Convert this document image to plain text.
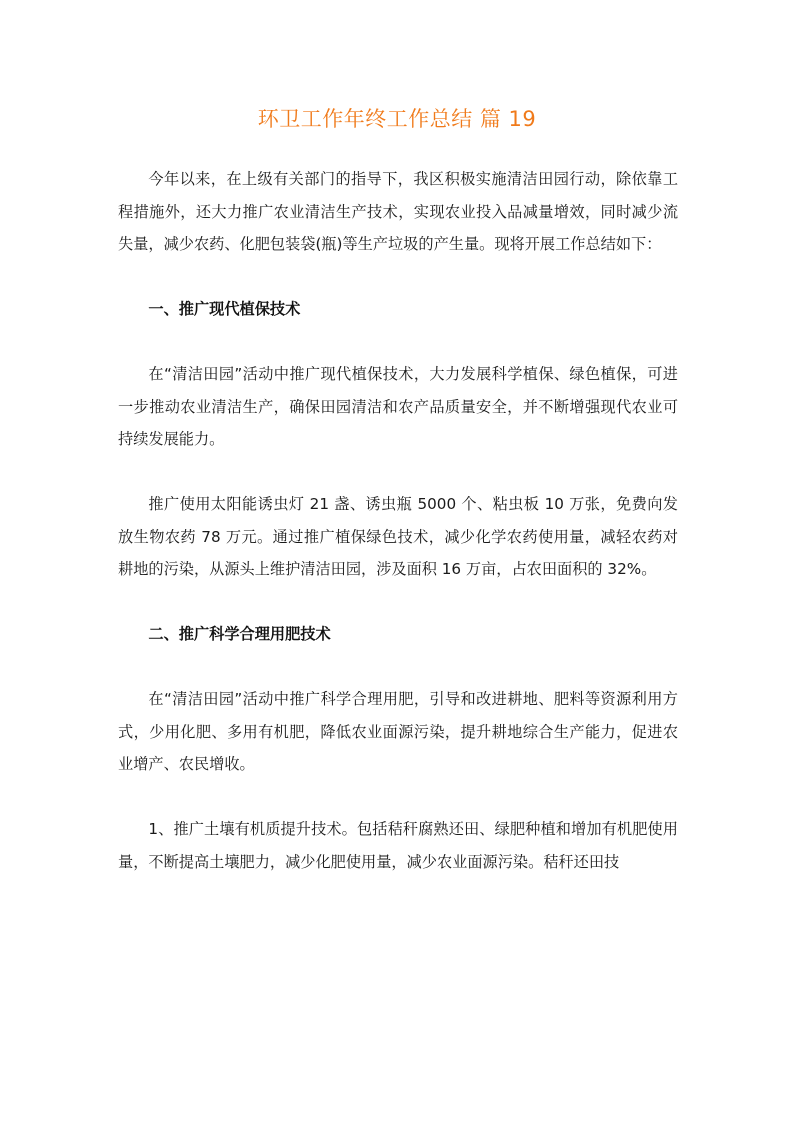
环卫工作年终工作总结 篇 19

今年以来，在上级有关部门的指导下，我区积极实施清洁田园行动，除依靠工程措施外，还大力推广农业清洁生产技术，实现农业投入品减量增效，同时减少流失量，减少农药、化肥包装袋(瓶)等生产垃圾的产生量。现将开展工作总结如下：

一、推广现代植保技术

在“清洁田园”活动中推广现代植保技术，大力发展科学植保、绿色植保，可进一步推动农业清洁生产，确保田园清洁和农产品质量安全，并不断增强现代农业可持续发展能力。

推广使用太阳能诱虫灯 21 盏、诱虫瓶 5000 个、粘虫板 10 万张，免费向发放生物农药 78 万元。通过推广植保绿色技术，减少化学农药使用量，减轻农药对耕地的污染，从源头上维护清洁田园，涉及面积 16 万亩，占农田面积的 32%。

二、推广科学合理用肥技术

在“清洁田园”活动中推广科学合理用肥，引导和改进耕地、肥料等资源利用方式，少用化肥、多用有机肥，降低农业面源污染，提升耕地综合生产能力，促进农业增产、农民增收。

1、推广土壤有机质提升技术。包括秸秆腐熟还田、绿肥种植和增加有机肥使用量，不断提高土壤肥力，减少化肥使用量，减少农业面源污染。秸秆还田技
